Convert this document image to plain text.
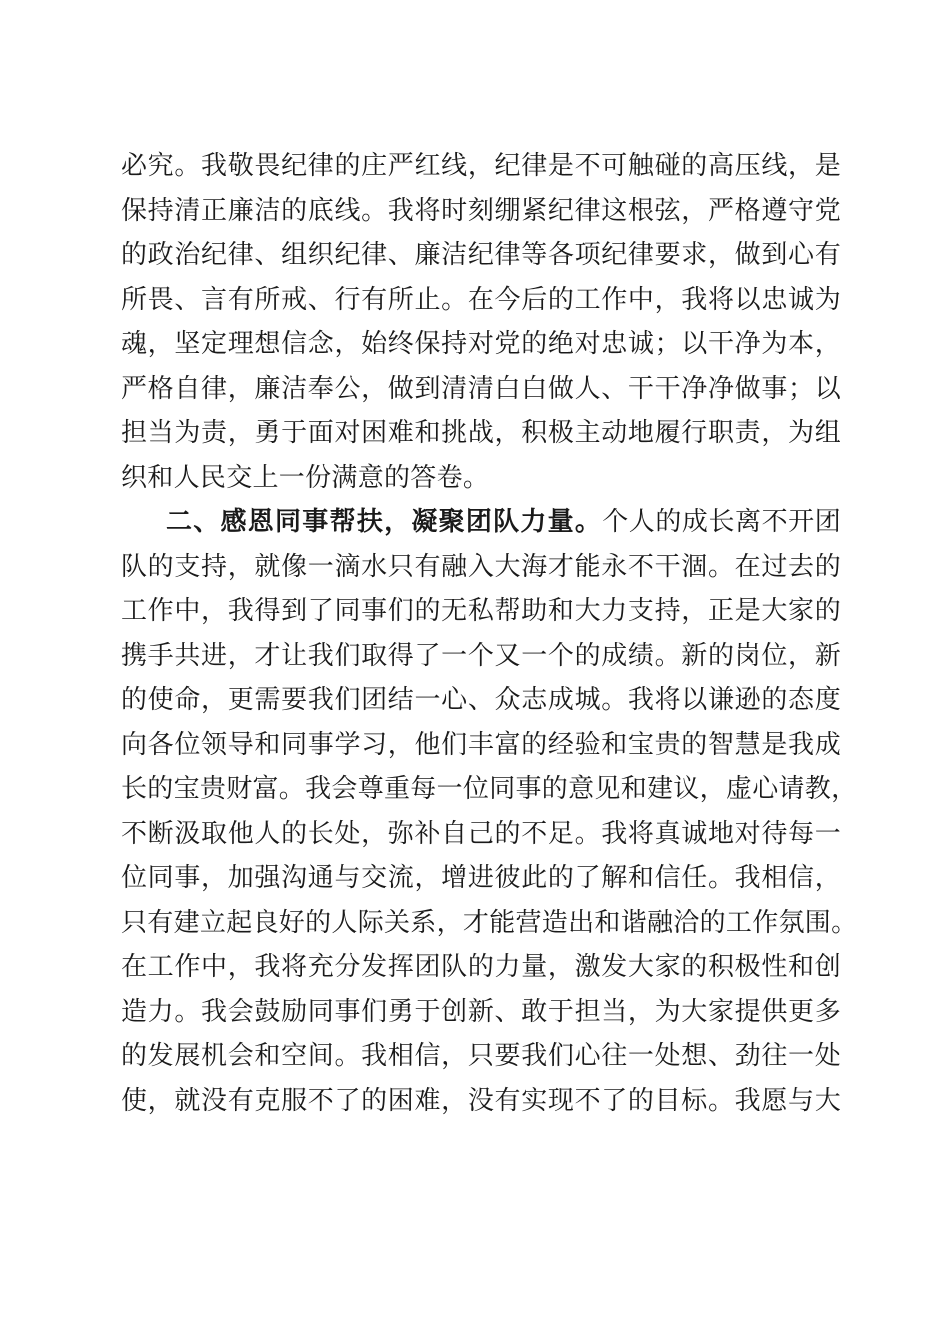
必究。我敬畏纪律的庄严红线，纪律是不可触碰的高压线，是
保持清正廉洁的底线。我将时刻绷紧纪律这根弦，严格遵守党
的政治纪律、组织纪律、廉洁纪律等各项纪律要求，做到心有
所畏、言有所戒、行有所止。在今后的工作中，我将以忠诚为
魂，坚定理想信念，始终保持对党的绝对忠诚；以干净为本，
严格自律，廉洁奉公，做到清清白白做人、干干净净做事；以
担当为责，勇于面对困难和挑战，积极主动地履行职责，为组
织和人民交上一份满意的答卷。
二、感恩同事帮扶，凝聚团队力量。个人的成长离不开团
队的支持，就像一滴水只有融入大海才能永不干涸。在过去的
工作中，我得到了同事们的无私帮助和大力支持，正是大家的
携手共进，才让我们取得了一个又一个的成绩。新的岗位，新
的使命，更需要我们团结一心、众志成城。我将以谦逊的态度
向各位领导和同事学习，他们丰富的经验和宝贵的智慧是我成
长的宝贵财富。我会尊重每一位同事的意见和建议，虚心请教，
不断汲取他人的长处，弥补自己的不足。我将真诚地对待每一
位同事，加强沟通与交流，增进彼此的了解和信任。我相信，
只有建立起良好的人际关系，才能营造出和谐融洽的工作氛围。
在工作中，我将充分发挥团队的力量，激发大家的积极性和创
造力。我会鼓励同事们勇于创新、敢于担当，为大家提供更多
的发展机会和空间。我相信，只要我们心往一处想、劲往一处
使，就没有克服不了的困难，没有实现不了的目标。我愿与大
